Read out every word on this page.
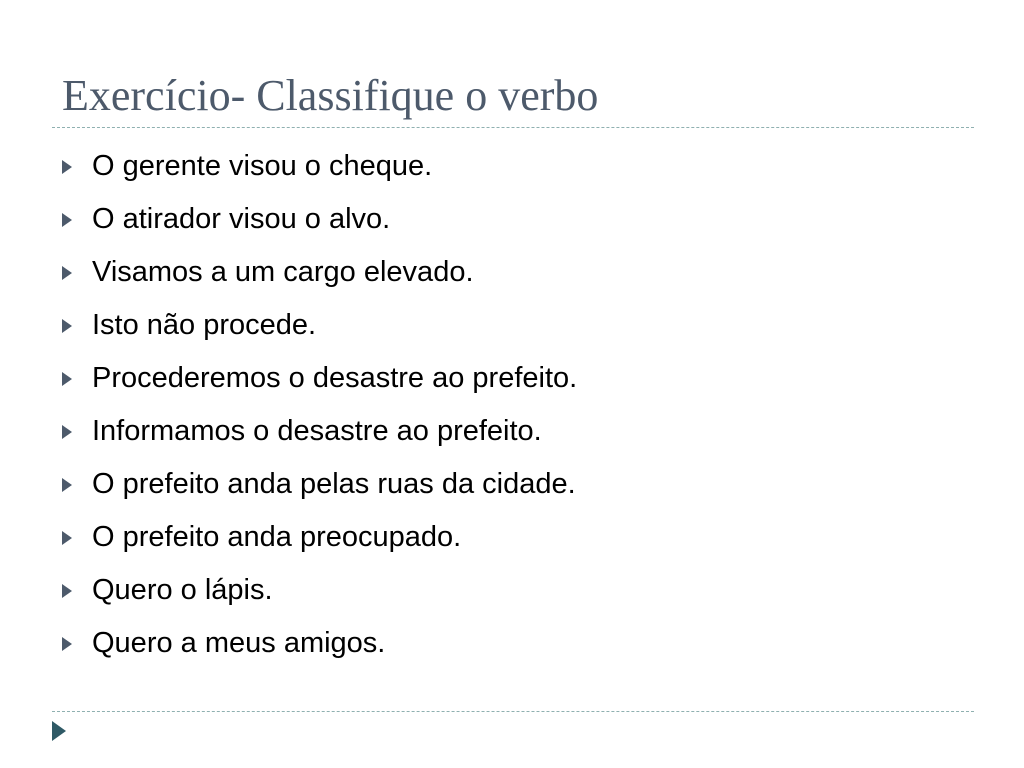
Exercício- Classifique o verbo
O gerente visou o cheque.
O atirador visou o alvo.
Visamos a um cargo elevado.
Isto não procede.
Procederemos o desastre ao prefeito.
Informamos o desastre ao prefeito.
O prefeito anda pelas ruas da cidade.
O prefeito anda preocupado.
Quero o lápis.
Quero a meus amigos.
